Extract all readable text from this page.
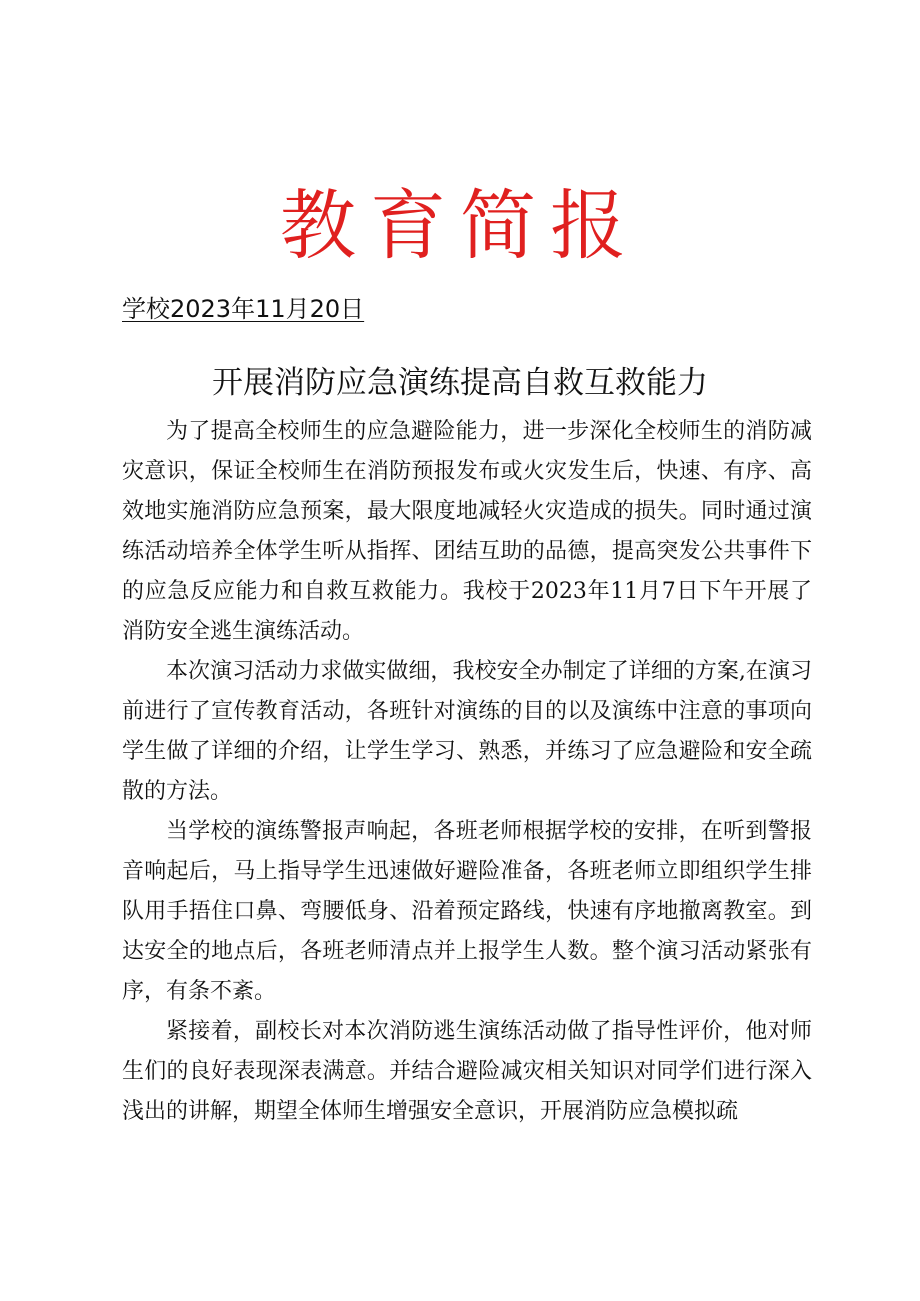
教育简报
学校2023年11月20日
开展消防应急演练提高自救互救能力

为了提高全校师生的应急避险能力，进一步深化全校师生的消防减灾意识，保证全校师生在消防预报发布或火灾发生后，快速、有序、高效地实施消防应急预案，最大限度地减轻火灾造成的损失。同时通过演练活动培养全体学生听从指挥、团结互助的品德，提高突发公共事件下的应急反应能力和自救互救能力。我校于2023年11月7日下午开展了消防安全逃生演练活动。

本次演习活动力求做实做细，我校安全办制定了详细的方案,在演习前进行了宣传教育活动，各班针对演练的目的以及演练中注意的事项向学生做了详细的介绍，让学生学习、熟悉，并练习了应急避险和安全疏散的方法。

当学校的演练警报声响起，各班老师根据学校的安排，在听到警报音响起后，马上指导学生迅速做好避险准备，各班老师立即组织学生排队用手捂住口鼻、弯腰低身、沿着预定路线，快速有序地撤离教室。到达安全的地点后，各班老师清点并上报学生人数。整个演习活动紧张有序，有条不紊。

紧接着，副校长对本次消防逃生演练活动做了指导性评价，他对师生们的良好表现深表满意。并结合避险减灾相关知识对同学们进行深入浅出的讲解，期望全体师生增强安全意识，开展消防应急模拟疏
